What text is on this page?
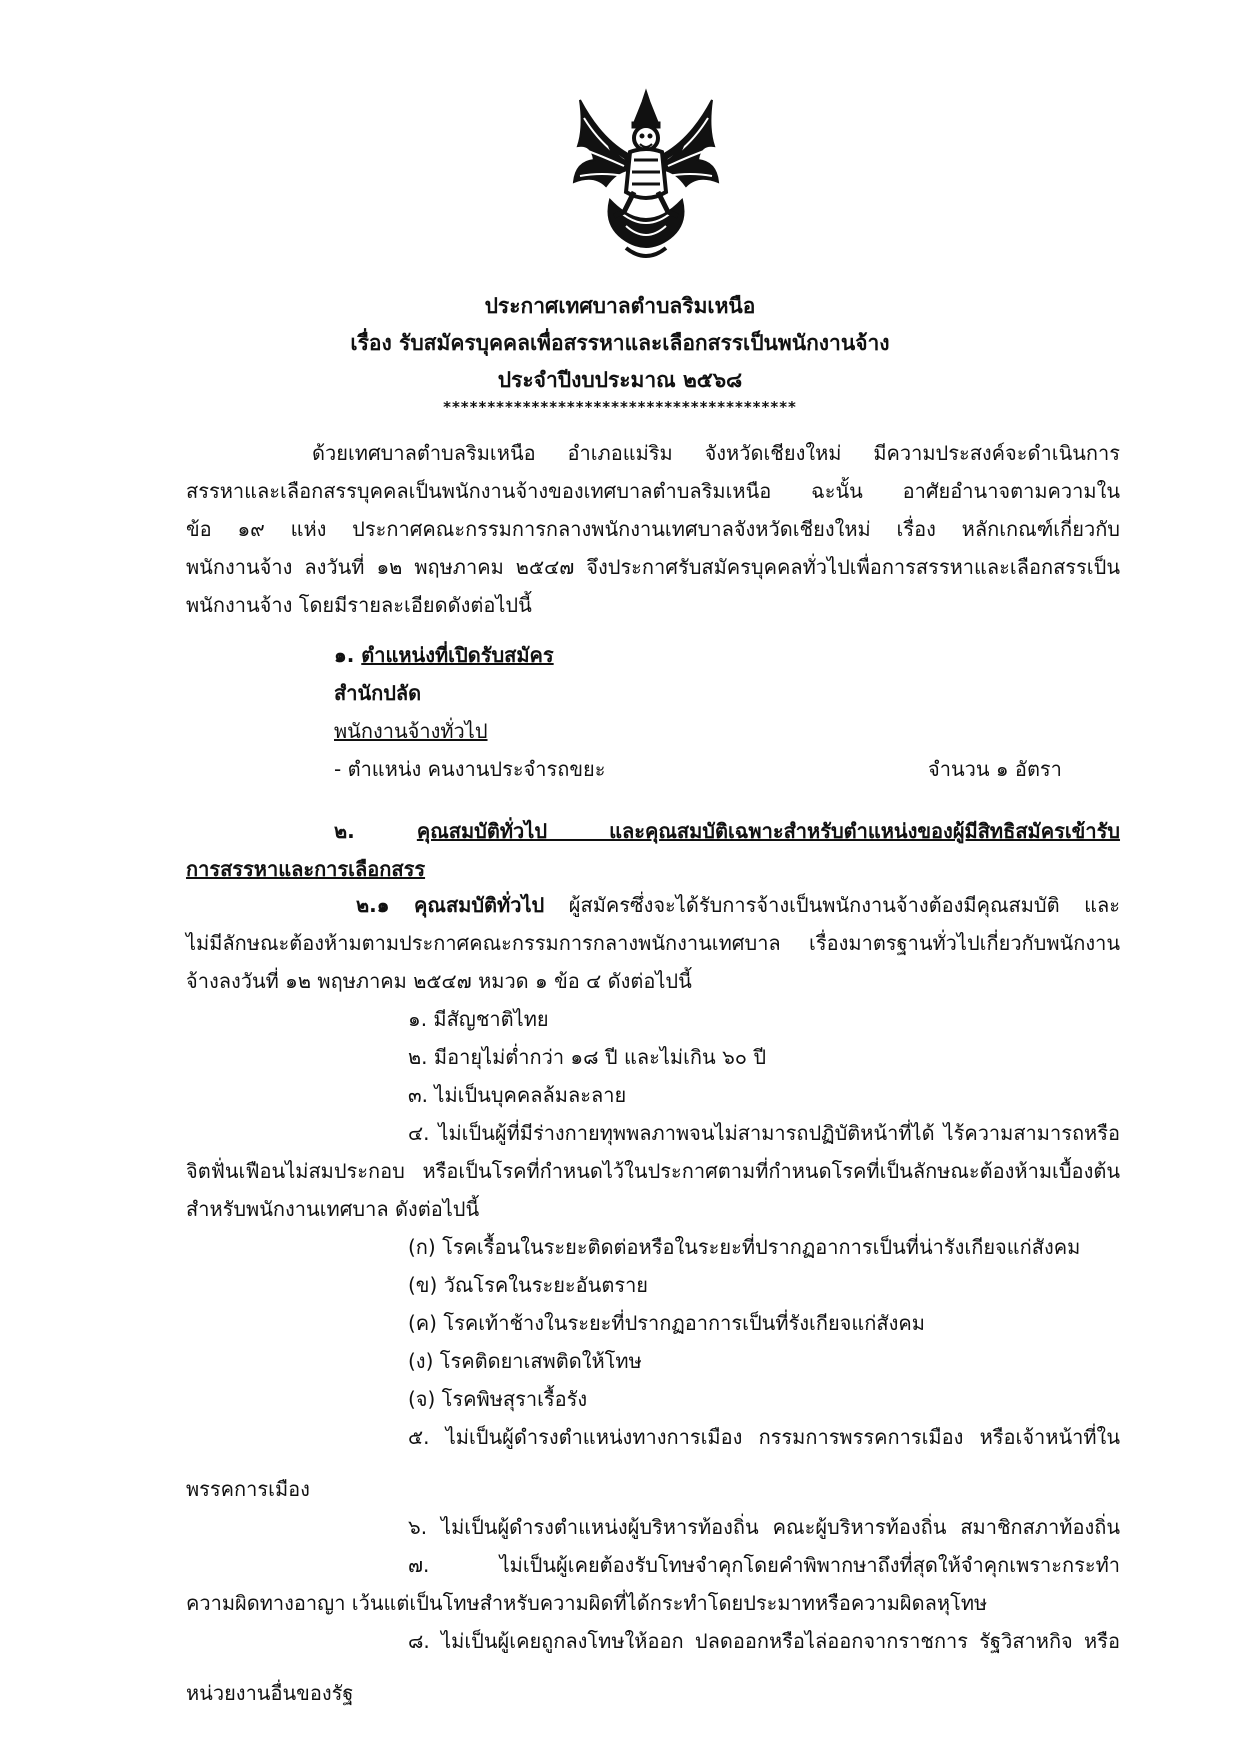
ประกาศเทศบาลตำบลริมเหนือ
เรื่อง รับสมัครบุคคลเพื่อสรรหาและเลือกสรรเป็นพนักงานจ้าง
ประจำปีงบประมาณ ๒๕๖๘
****************************************
ด้วยเทศบาลตำบลริมเหนือ อำเภอแม่ริม จังหวัดเชียงใหม่ มีความประสงค์จะดำเนินการ
สรรหาและเลือกสรรบุคคลเป็นพนักงานจ้างของเทศบาลตำบลริมเหนือ ฉะนั้น อาศัยอำนาจตามความใน
ข้อ ๑๙ แห่ง ประกาศคณะกรรมการกลางพนักงานเทศบาลจังหวัดเชียงใหม่ เรื่อง หลักเกณฑ์เกี่ยวกับ
พนักงานจ้าง ลงวันที่ ๑๒ พฤษภาคม ๒๕๔๗ จึงประกาศรับสมัครบุคคลทั่วไปเพื่อการสรรหาและเลือกสรรเป็น
พนักงานจ้าง โดยมีรายละเอียดดังต่อไปนี้
๑. ตำแหน่งที่เปิดรับสมัคร
สำนักปลัด
พนักงานจ้างทั่วไป
- ตำแหน่ง คนงานประจำรถขยะ	จำนวน ๑ อัตรา
๒.	คุณสมบัติทั่วไป และคุณสมบัติเฉพาะสำหรับตำแหน่งของผู้มีสิทธิสมัครเข้ารับ
การสรรหาและการเลือกสรร
๒.๑ คุณสมบัติทั่วไป ผู้สมัครซึ่งจะได้รับการจ้างเป็นพนักงานจ้างต้องมีคุณสมบัติ และ
ไม่มีลักษณะต้องห้ามตามประกาศคณะกรรมการกลางพนักงานเทศบาล เรื่องมาตรฐานทั่วไปเกี่ยวกับพนักงาน
จ้างลงวันที่ ๑๒ พฤษภาคม ๒๕๔๗ หมวด ๑ ข้อ ๔ ดังต่อไปนี้
๑. มีสัญชาติไทย
๒. มีอายุไม่ต่ำกว่า ๑๘ ปี และไม่เกิน ๖๐ ปี
๓. ไม่เป็นบุคคลล้มละลาย
๔. ไม่เป็นผู้ที่มีร่างกายทุพพลภาพจนไม่สามารถปฏิบัติหน้าที่ได้ ไร้ความสามารถหรือ
จิตฟั่นเฟือนไม่สมประกอบ หรือเป็นโรคที่กำหนดไว้ในประกาศตามที่กำหนดโรคที่เป็นลักษณะต้องห้ามเบื้องต้น
สำหรับพนักงานเทศบาล ดังต่อไปนี้
(ก) โรคเรื้อนในระยะติดต่อหรือในระยะที่ปรากฏอาการเป็นที่น่ารังเกียจแก่สังคม
(ข) วัณโรคในระยะอันตราย
(ค) โรคเท้าช้างในระยะที่ปรากฏอาการเป็นที่รังเกียจแก่สังคม
(ง) โรคติดยาเสพติดให้โทษ
(จ) โรคพิษสุราเรื้อรัง
๕. ไม่เป็นผู้ดำรงตำแหน่งทางการเมือง กรรมการพรรคการเมือง หรือเจ้าหน้าที่ใน
พรรคการเมือง
๖. ไม่เป็นผู้ดำรงตำแหน่งผู้บริหารท้องถิ่น คณะผู้บริหารท้องถิ่น สมาชิกสภาท้องถิ่น
๗. ไม่เป็นผู้เคยต้องรับโทษจำคุกโดยคำพิพากษาถึงที่สุดให้จำคุกเพราะกระทำ
ความผิดทางอาญา เว้นแต่เป็นโทษสำหรับความผิดที่ได้กระทำโดยประมาทหรือความผิดลหุโทษ
๘. ไม่เป็นผู้เคยถูกลงโทษให้ออก ปลดออกหรือไล่ออกจากราชการ รัฐวิสาหกิจ หรือ
หน่วยงานอื่นของรัฐ
